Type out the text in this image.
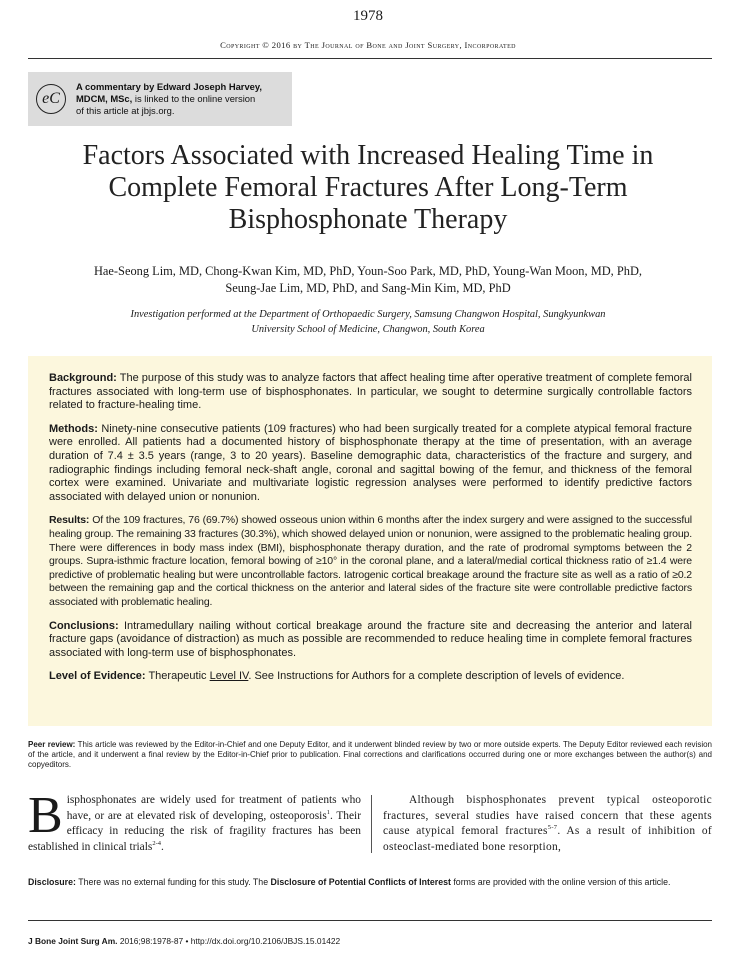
1978
Copyright © 2016 by The Journal of Bone and Joint Surgery, Incorporated
eC
A commentary by Edward Joseph Harvey,
MDCM, MSc, is linked to the online version
of this article at jbjs.org.
Factors Associated with Increased Healing Time in Complete Femoral Fractures After Long-Term Bisphosphonate Therapy
Hae-Seong Lim, MD, Chong-Kwan Kim, MD, PhD, Youn-Soo Park, MD, PhD, Young-Wan Moon, MD, PhD,
Seung-Jae Lim, MD, PhD, and Sang-Min Kim, MD, PhD
Investigation performed at the Department of Orthopaedic Surgery, Samsung Changwon Hospital, Sungkyunkwan
University School of Medicine, Changwon, South Korea

Background: The purpose of this study was to analyze factors that affect healing time after operative treatment of complete femoral fractures associated with long-term use of bisphosphonates. In particular, we sought to determine surgically controllable factors related to fracture-healing time.

Methods: Ninety-nine consecutive patients (109 fractures) who had been surgically treated for a complete atypical femoral fracture were enrolled. All patients had a documented history of bisphosphonate therapy at the time of presentation, with an average duration of 7.4 ± 3.5 years (range, 3 to 20 years). Baseline demographic data, characteristics of the fracture and surgery, and radiographic findings including femoral neck-shaft angle, coronal and sagittal bowing of the femur, and thickness of the femoral cortex were examined. Univariate and multivariate logistic regression analyses were performed to identify predictive factors associated with delayed union or nonunion.

Results: Of the 109 fractures, 76 (69.7%) showed osseous union within 6 months after the index surgery and were assigned to the successful healing group. The remaining 33 fractures (30.3%), which showed delayed union or nonunion, were assigned to the problematic healing group. There were differences in body mass index (BMI), bisphosphonate therapy duration, and the rate of prodromal symptoms between the 2 groups. Supra-isthmic fracture location, femoral bowing of ≥10° in the coronal plane, and a lateral/medial cortical thickness ratio of ≥1.4 were predictive of problematic healing but were uncontrollable factors. Iatrogenic cortical breakage around the fracture site as well as a ratio of ≥0.2 between the remaining gap and the cortical thickness on the anterior and lateral sides of the fracture site were controllable predictive factors associated with problematic healing.

Conclusions: Intramedullary nailing without cortical breakage around the fracture site and decreasing the anterior and lateral fracture gaps (avoidance of distraction) as much as possible are recommended to reduce healing time in complete femoral fractures associated with long-term use of bisphosphonates.

Level of Evidence: Therapeutic Level IV. See Instructions for Authors for a complete description of levels of evidence.

Peer review: This article was reviewed by the Editor-in-Chief and one Deputy Editor, and it underwent blinded review by two or more outside experts. The Deputy Editor reviewed each revision of the article, and it underwent a final review by the Editor-in-Chief prior to publication. Final corrections and clarifications occurred during one or more exchanges between the author(s) and copyeditors.
Bisphosphonates are widely used for treatment of patients who have, or are at elevated risk of developing, osteoporosis$^1$. Their efficacy in reducing the risk of fragility fractures has been established in clinical trials$^{2-4}$.
Although bisphosphonates prevent typical osteoporotic fractures, several studies have raised concern that these agents cause atypical femoral fractures$^{5-7}$. As a result of inhibition of osteoclast-mediated bone resorption,
Disclosure: There was no external funding for this study. The Disclosure of Potential Conflicts of Interest forms are provided with the online version of this article.
J Bone Joint Surg Am. 2016;98:1978-87 • http://dx.doi.org/10.2106/JBJS.15.01422
